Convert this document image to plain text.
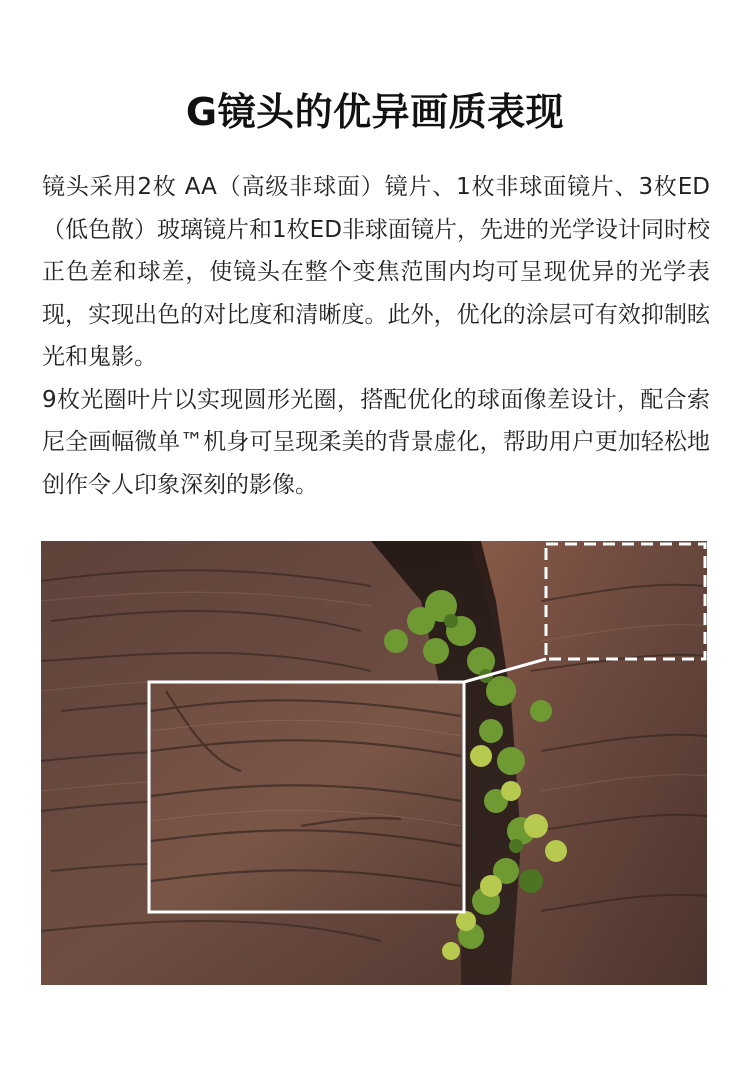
G镜头的优异画质表现

镜头采用2枚 AA（高级非球面）镜片、1枚非球面镜片、3枚ED（低色散）玻璃镜片和1枚ED非球面镜片，先进的光学设计同时校正色差和球差，使镜头在整个变焦范围内均可呈现优异的光学表现，实现出色的对比度和清晰度。此外，优化的涂层可有效抑制眩光和鬼影。

9枚光圈叶片以实现圆形光圈，搭配优化的球面像差设计，配合索尼全画幅微单™机身可呈现柔美的背景虚化，帮助用户更加轻松地创作令人印象深刻的影像。
